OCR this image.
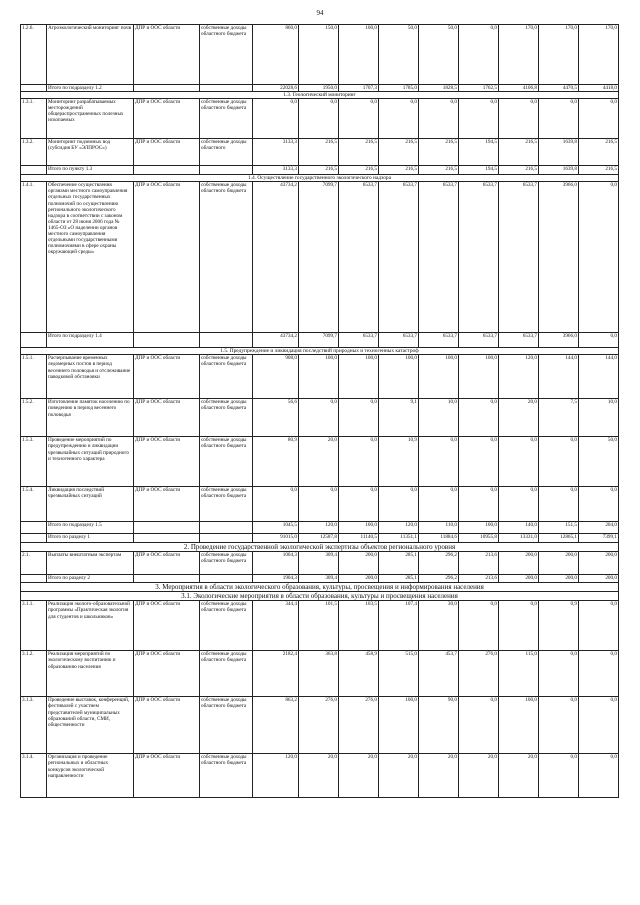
94
1.2.6.	Агроэкологический мониторинг почв	ДПР и ООС области	собственные доходы областного бюджета	860,0	150,0	100,0	50,0	50,0	0,0	170,0	170,0	170,0
	Итого по подразделу 1.2			22028,6	1950,0	1707,3	1785,0	1828,5	1762,5	4106,8	4470,5	4418,0
1.3. Геологический мониторинг												
1.3.1.	Мониторинг разрабатываемых месторождений общераспространенных полезных ископаемых	ДПР и ООС области	собственные доходы областного бюджета	0,0	0,0	0,0	0,0	0,0	0,0	0,0	0,0	0,0
1.3.2.	Мониторинг подземных вод (субсидия БУ «ЭЛПРОС»)	ДПР и ООС области	собственные доходы областного	3133,3	216,5	216,5	216,5	216,5	194,5	216,5	1639,8	216,5
	Итого по пункту 1.3			3133,3	216,5	216,5	216,5	216,5	194,5	216,5	1639,8	216,5
1.4. Осуществление государственного экологического надзора												
1.4.1.	Обеспечение осуществления органами местного самоуправления отдельных государственных полномочий по осуществлению регионального экологического надзора в соответствии с законом области от 28 июня 2006 года № 1465-ОЗ «О наделении органов местного самоуправления отдельными государственными полномочиями в сфере охраны окружающей среды»	ДПР и ООС области	собственные доходы областного бюджета	43734,2	7099,7	6533,7	6533,7	6533,7	6533,7	6533,7	3966,0	0,0
	Итого по подразделу 1.4			43734,2	7099,7	6533,7	6533,7	6533,7	6533,7	6533,7	3966,0	0,0
1.5. Предупреждение и ликвидация последствий природных и техногенных катастроф												
1.5.1.	Расчерпывание временных ледомерных постов в период весеннего половодья и отслеживание паводковой обстановки	ДПР и ООС области	собственные доходы областного бюджета	908,0	100,0	100,0	100,0	100,0	100,0	120,0	144,0	144,0
1.5.2.	Изготовление памяток населению по поведению в период весеннего половодья	ДПР и ООС области	собственные доходы областного бюджета	56,6	0,0	0,0	9,1	10,0	0,0	20,0	7,5	10,0
1.5.3.	Проведение мероприятий по предупреждению и ликвидации чрезвычайных ситуаций природного и техногенного характера	ДПР и ООС области	собственные доходы областного бюджета	80,9	20,0	0,0	10,9	0,0	0,0	0,0	0,0	50,0
1.5.4.	Ликвидация последствий чрезвычайных ситуаций	ДПР и ООС области	собственные доходы областного бюджета	0,0	0,0	0,0	0,0	0,0	0,0	0,0	0,0	0,0
	Итого по подразделу 1.5			1045,5	120,0	100,0	120,0	110,0	100,0	140,0	151,5	204,0
	Итого по разделу 1			91015,0	12587,8	11140,5	11351,1	11884,6	10955,8	13331,0	12865,1	7399,1
2. Проведение государственной экологической экспертизы объектов регионального уровня												
2.1.	Выплаты внештатным экспертам	ДПР и ООС области	собственные доходы областного бюджета	1004,3	309,4	200,0	285,1	296,2	213,6	200,0	200,0	200,0
	Итого по разделу 2			1904,3	309,4	200,0	285,1	296,2	213,6	200,0	200,0	200,0
3. Мероприятия в области экологического образования, культуры, просвещения и информирования населения												
3.1. Экологические мероприятия в области образования, культуры и просвещения населения												
3.1.1.	Реализация эколого-образовательной программы «Практическая экология для студентов и школьников»	ДПР и ООС области	собственные доходы областного бюджета	344,4	101,5	103,5	107,4	30,0	0,0	0,0	0,9	0,0
3.1.2.	Реализация мероприятий по экологическому воспитанию и образованию населения	ДПР и ООС области	собственные доходы областного бюджета	2182,4	363,8	458,9	515,0	453,7	276,0	115,0	0,0	0,0
3.1.3.	Проведение выставок, конференций, фестивалей с участием представителей муниципальных образований области, СМИ, общественности	ДПР и ООС области	собственные доходы областного бюджета	863,2	276,0	276,0	100,0	90,0	0,0	100,0	0,0	0,0
3.1.4.	Организация и проведение региональных и областных конкурсов экологической направленности	ДПР и ООС области	собственные доходы областного бюджета	120,0	20,0	20,0	20,0	20,0	20,0	20,0	0,0	0,0
